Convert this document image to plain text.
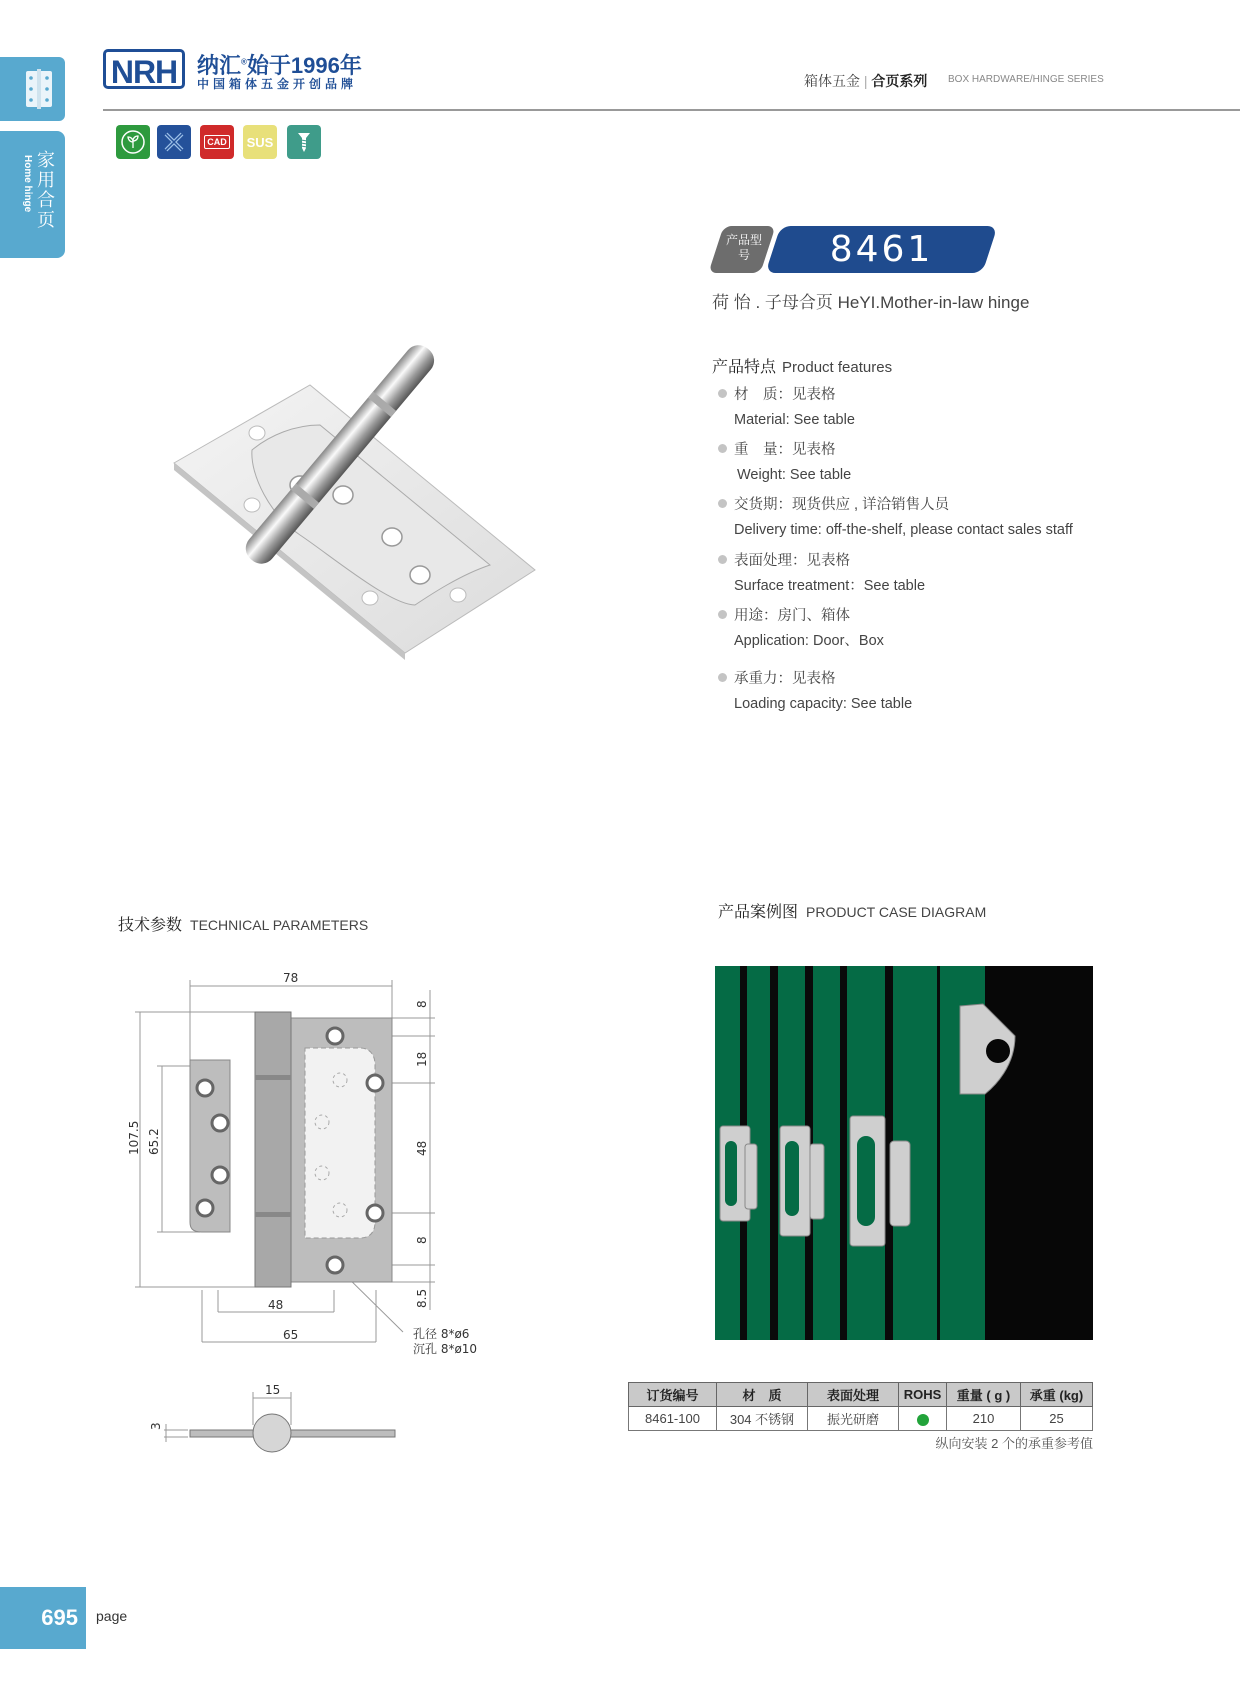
家用合页
Home hinge
NRH 纳汇®始于1996年
中国箱体五金开创品牌	箱体五金 | 合页系列 BOX HARDWARE/HINGE SERIES
CAD SUS
产品型号	8461
荷 怡 . 子母合页 HeYI.Mother-in-law hinge
产品特点 Product features
材　质：见表格
Material: See table
重　量：见表格
Weight: See table
交货期：现货供应 , 详洽销售人员
Delivery time: off-the-shelf, please contact sales staff
表面处理：见表格
Surface treatment：See table
用途：房门、箱体
Application: Door、Box
承重力：见表格
Loading capacity: See table
技术参数 TECHNICAL PARAMETERS
产品案例图 PRODUCT CASE DIAGRAM
78
107.5 65.2
8
18
48
8
8.5
48
65	孔径 8*ø6
沉孔 8*ø10
15
3
订货编号	材　质	表面处理	ROHS	重量 ( g )	承重 (kg)
8461-100	304 不锈钢	振光研磨		210	25
纵向安装 2 个的承重参考值
695	page
